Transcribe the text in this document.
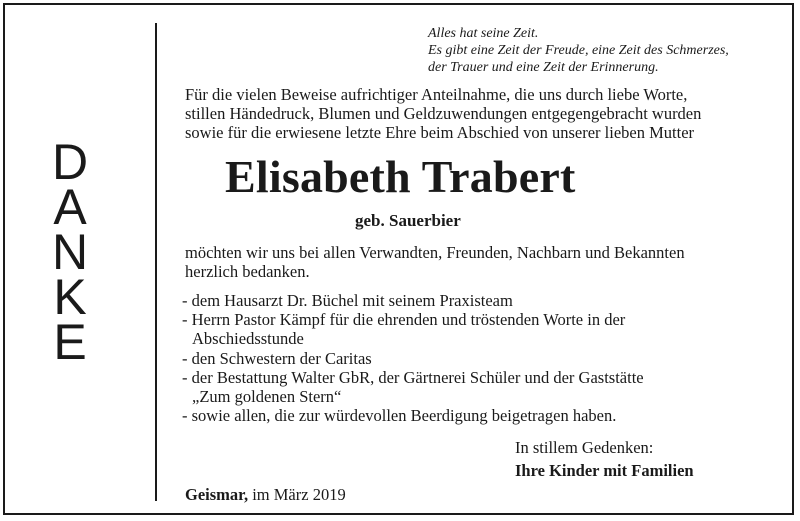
D
A
N
K
E
Alles hat seine Zeit.
Es gibt eine Zeit der Freude, eine Zeit des Schmerzes,
der Trauer und eine Zeit der Erinnerung.
Für die vielen Beweise aufrichtiger Anteilnahme, die uns durch liebe Worte,
stillen Händedruck, Blumen und Geldzuwendungen entgegengebracht wurden
sowie für die erwiesene letzte Ehre beim Abschied von unserer lieben Mutter
Elisabeth Trabert
geb. Sauerbier
möchten wir uns bei allen Verwandten, Freunden, Nachbarn und Bekannten
herzlich bedanken.
- dem Hausarzt Dr. Büchel mit seinem Praxisteam
- Herrn Pastor Kämpf für die ehrenden und tröstenden Worte in der
Abschiedsstunde
- den Schwestern der Caritas
- der Bestattung Walter GbR, der Gärtnerei Schüler und der Gaststätte
„Zum goldenen Stern“
- sowie allen, die zur würdevollen Beerdigung beigetragen haben.
In stillem Gedenken:
Ihre Kinder mit Familien
Geismar, im März 2019
